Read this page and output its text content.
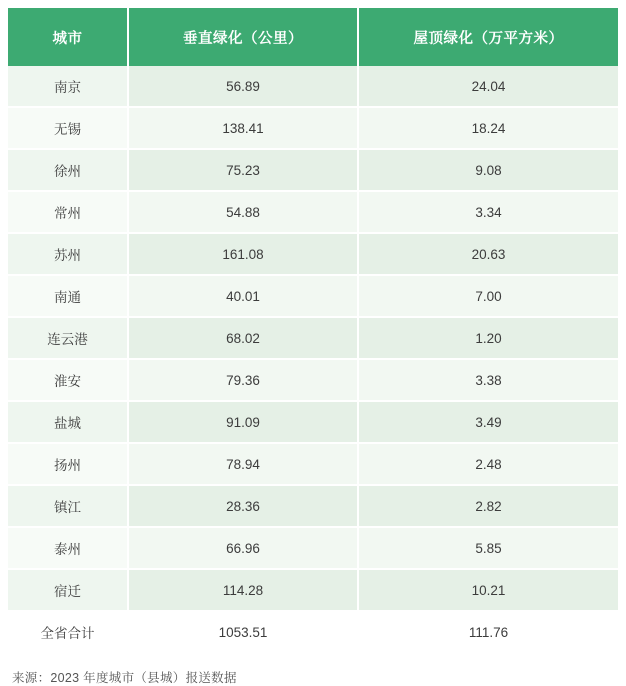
城市	垂直绿化（公里）	屋顶绿化（万平方米）
南京	56.89	24.04
无锡	138.41	18.24
徐州	75.23	9.08
常州	54.88	3.34
苏州	161.08	20.63
南通	40.01	7.00
连云港	68.02	1.20
淮安	79.36	3.38
盐城	91.09	3.49
扬州	78.94	2.48
镇江	28.36	2.82
泰州	66.96	5.85
宿迁	114.28	10.21
全省合计	1053.51	111.76
来源：2023 年度城市（县城）报送数据
